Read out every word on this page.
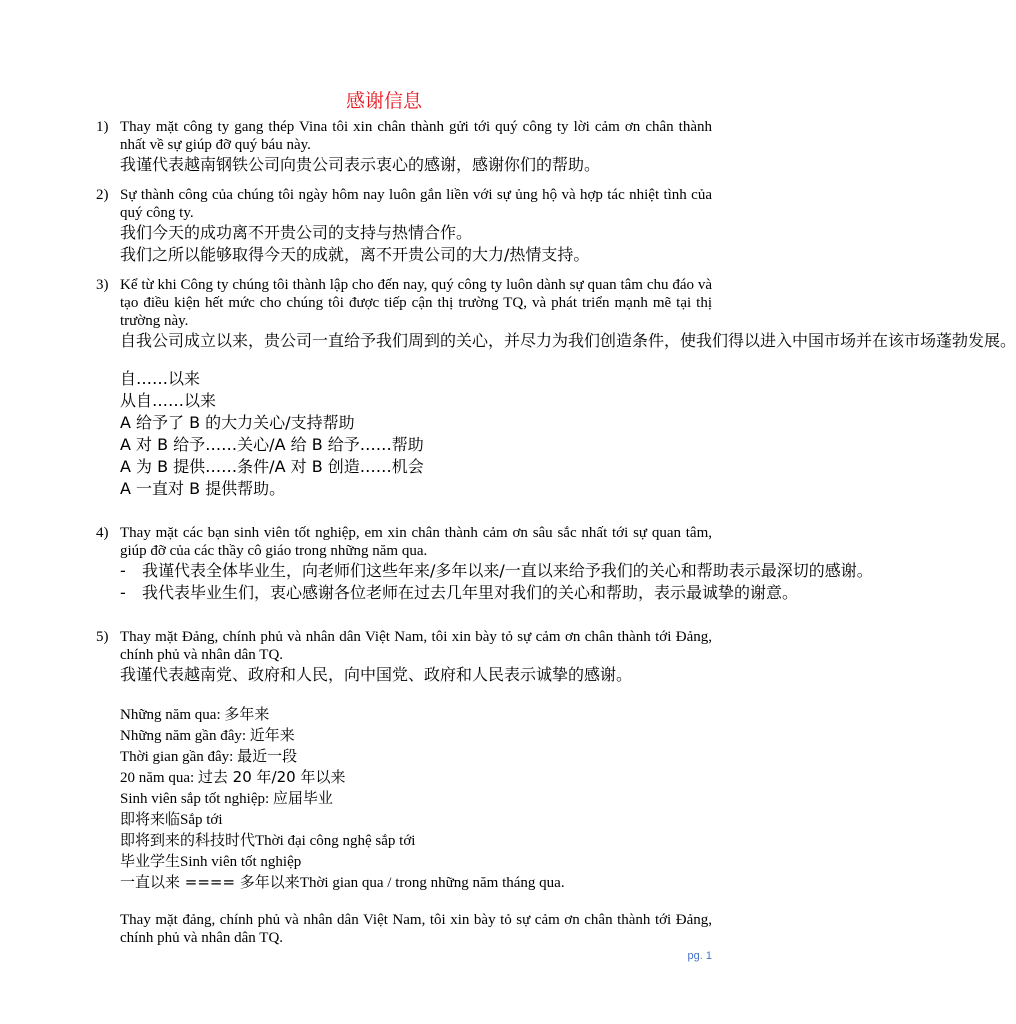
感谢信息
1) Thay mặt công ty gang thép Vina tôi xin chân thành gửi tới quý công ty lời cảm ơn chân thành nhất về sự giúp đỡ quý báu này.
我谨代表越南钢铁公司向贵公司表示衷心的感谢，感谢你们的帮助。
2) Sự thành công của chúng tôi ngày hôm nay luôn gắn liền với sự ủng hộ và hợp tác nhiệt tình của quý công ty.
我们今天的成功离不开贵公司的支持与热情合作。
我们之所以能够取得今天的成就，离不开贵公司的大力/热情支持。
3) Kể từ khi Công ty chúng tôi thành lập cho đến nay, quý công ty luôn dành sự quan tâm chu đáo và tạo điều kiện hết mức cho chúng tôi được tiếp cận thị trường TQ, và phát triển mạnh mẽ tại thị trường này.
自我公司成立以来，贵公司一直给予我们周到的关心，并尽力为我们创造条件，使我们得以进入中国市场并在该市场蓬勃发展。
自……以来
从自……以来
A 给予了 B 的大力关心/支持帮助
A 对 B 给予……关心/A 给 B 给予……帮助
A 为 B 提供……条件/A 对 B 创造……机会
A 一直对 B 提供帮助。
4) Thay mặt các bạn sinh viên tốt nghiệp, em xin chân thành cảm ơn sâu sắc nhất tới sự quan tâm, giúp đỡ của các thầy cô giáo trong những năm qua.
- 我谨代表全体毕业生，向老师们这些年来/多年以来/一直以来给予我们的关心和帮助表示最深切的感谢。
- 我代表毕业生们，衷心感谢各位老师在过去几年里对我们的关心和帮助，表示最诚挚的谢意。
5) Thay mặt Đảng, chính phủ và nhân dân Việt Nam, tôi xin bày tỏ sự cảm ơn chân thành tới Đảng, chính phủ và nhân dân TQ.
我谨代表越南党、政府和人民，向中国党、政府和人民表示诚挚的感谢。
Những năm qua: 多年来
Những năm gần đây: 近年来
Thời gian gần đây: 最近一段
20 năm qua: 过去 20 年/20 年以来
Sinh viên sắp tốt nghiệp: 应届毕业
即将来临Sắp tới
即将到来的科技时代Thời đại công nghệ sắp tới
毕业学生Sinh viên tốt nghiệp
一直以来 ==== 多年以来Thời gian qua / trong những năm tháng qua.
Thay mặt đảng, chính phủ và nhân dân Việt Nam, tôi xin bày tỏ sự cảm ơn chân thành tới Đảng, chính phủ và nhân dân TQ.
pg. 1
